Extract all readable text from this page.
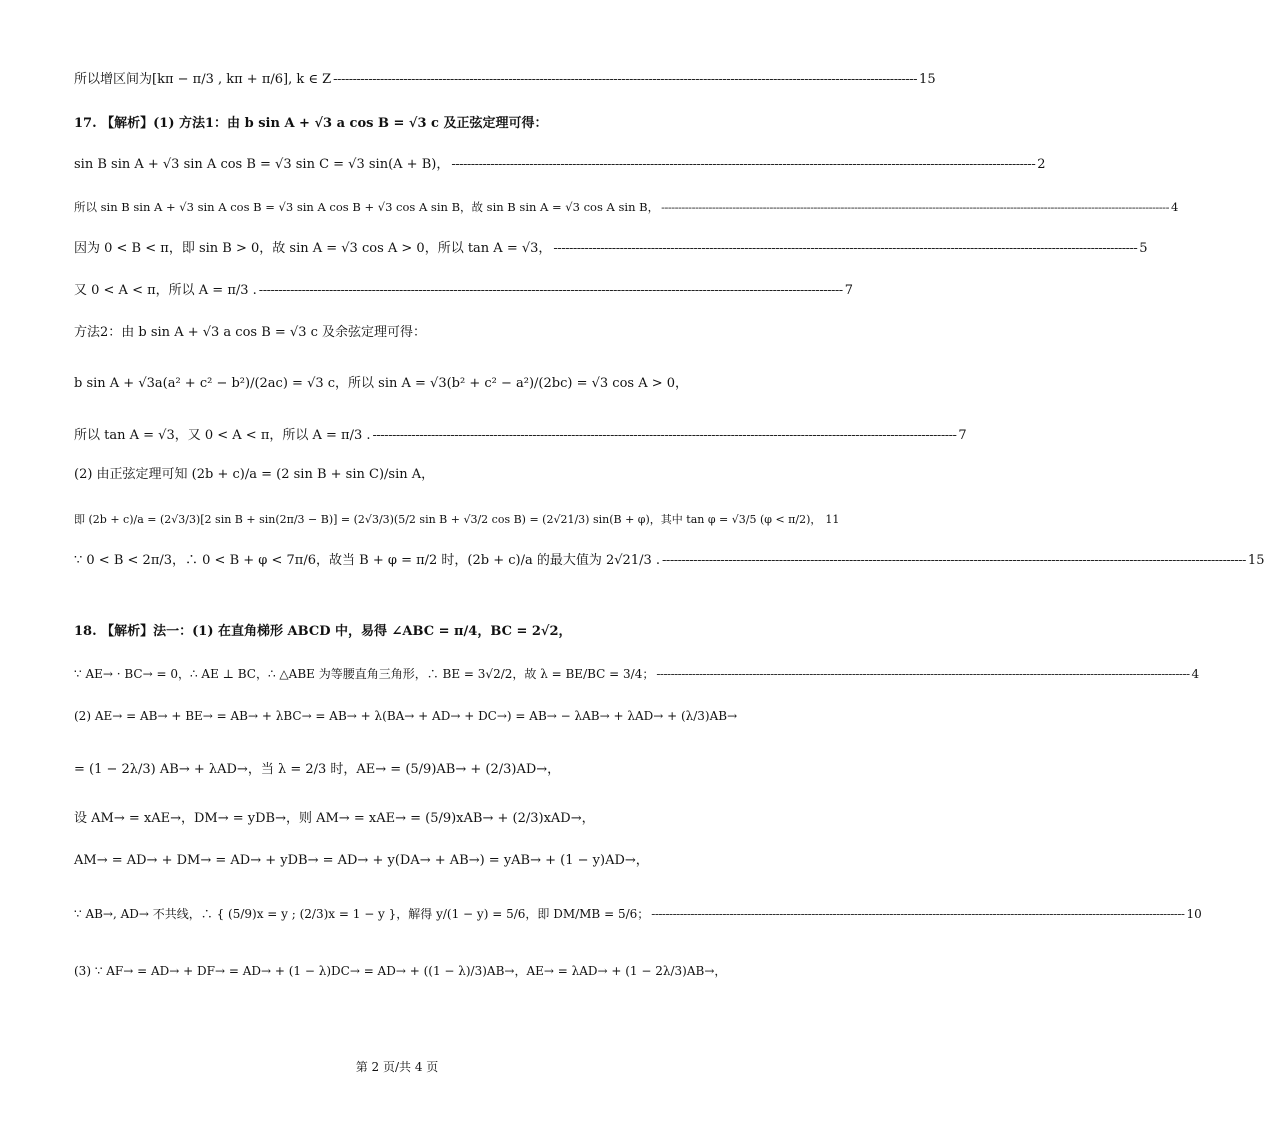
所以增区间为[kπ − π/3 , kπ + π/6], k ∈ Z ------------------------------------------------------------------------------------------------------------------------------------------------------ 15
17. 【解析】(1) 方法1：由 b sin A + √3 a cos B = √3 c 及正弦定理可得：
sin B sin A + √3 sin A cos B = √3 sin C = √3 sin(A + B)， ------------------------------------------------------------------------------------------------------------------------------------------------------ 2
所以 sin B sin A + √3 sin A cos B = √3 sin A cos B + √3 cos A sin B，故 sin B sin A = √3 cos A sin B， ------------------------------------------------------------------------------------------------------------------------------------------------------ 4
因为 0 < B < π，即 sin B > 0，故 sin A = √3 cos A > 0，所以 tan A = √3， ------------------------------------------------------------------------------------------------------------------------------------------------------ 5
又 0 < A < π，所以 A = π/3 . ------------------------------------------------------------------------------------------------------------------------------------------------------ 7
方法2：由 b sin A + √3 a cos B = √3 c 及余弦定理可得：
b sin A + √3a(a² + c² − b²)/(2ac) = √3 c，所以 sin A = √3(b² + c² − a²)/(2bc) = √3 cos A > 0，
所以 tan A = √3，又 0 < A < π，所以 A = π/3 . ------------------------------------------------------------------------------------------------------------------------------------------------------ 7
(2) 由正弦定理可知 (2b + c)/a = (2 sin B + sin C)/sin A，
即 (2b + c)/a = (2√3/3)[2 sin B + sin(2π/3 − B)] = (2√3/3)(5/2 sin B + √3/2 cos B) = (2√21/3) sin(B + φ)，其中 tan φ = √3/5 (φ < π/2)， 11
∵ 0 < B < 2π/3，∴ 0 < B + φ < 7π/6，故当 B + φ = π/2 时，(2b + c)/a 的最大值为 2√21/3 . ------------------------------------------------------------------------------------------------------------------------------------------------------ 15
18. 【解析】法一：(1) 在直角梯形 ABCD 中，易得 ∠ABC = π/4，BC = 2√2，
∵ AE→ · BC→ = 0，∴ AE ⊥ BC，∴ △ABE 为等腰直角三角形，∴ BE = 3√2/2，故 λ = BE/BC = 3/4； ------------------------------------------------------------------------------------------------------------------------------------------------------ 4
(2) AE→ = AB→ + BE→ = AB→ + λBC→ = AB→ + λ(BA→ + AD→ + DC→) = AB→ − λAB→ + λAD→ + (λ/3)AB→
= (1 − 2λ/3) AB→ + λAD→，当 λ = 2/3 时，AE→ = (5/9)AB→ + (2/3)AD→，
设 AM→ = xAE→，DM→ = yDB→，则 AM→ = xAE→ = (5/9)xAB→ + (2/3)xAD→，
AM→ = AD→ + DM→ = AD→ + yDB→ = AD→ + y(DA→ + AB→) = yAB→ + (1 − y)AD→，
∵ AB→, AD→ 不共线，∴ { (5/9)x = y ; (2/3)x = 1 − y }，解得 y/(1 − y) = 5/6，即 DM/MB = 5/6； ------------------------------------------------------------------------------------------------------------------------------------------------------ 10
(3) ∵ AF→ = AD→ + DF→ = AD→ + (1 − λ)DC→ = AD→ + ((1 − λ)/3)AB→，AE→ = λAD→ + (1 − 2λ/3)AB→，
第 2 页/共 4 页
